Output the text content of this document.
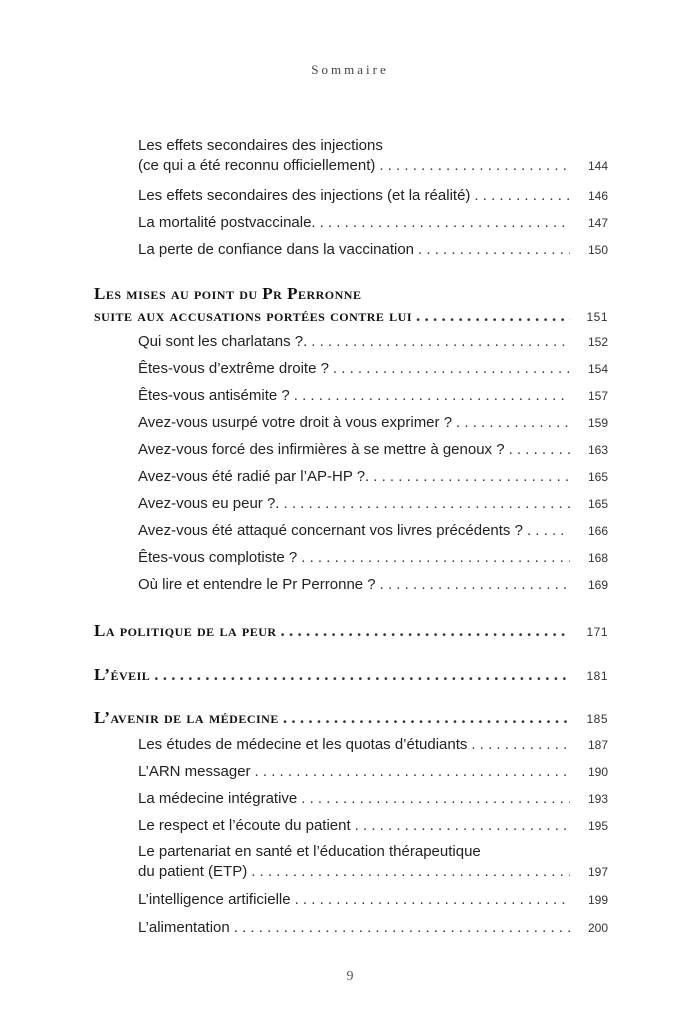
Sommaire
Les effets secondaires des injections
(ce qui a été reconnu officiellement) . . .	144
Les effets secondaires des injections (et la réalité) . . .	146
La mortalité postvaccinale. . . .	147
La perte de confiance dans la vaccination . . .	150
Les mises au point du Pr Perronne
suite aux accusations portées contre lui . . .	151
Qui sont les charlatans ?. . . .	152
Êtes-vous d’extrême droite ? . . .	154
Êtes-vous antisémite ? . . .	157
Avez-vous usurpé votre droit à vous exprimer ? . . .	159
Avez-vous forcé des infirmières à se mettre à genoux ? . . .	163
Avez-vous été radié par l’AP-HP ?. . . .	165
Avez-vous eu peur ?. . . .	165
Avez-vous été attaqué concernant vos livres précédents ? . . .	166
Êtes-vous complotiste ? . . .	168
Où lire et entendre le Pr Perronne ? . . .	169
La politique de la peur . . .	171
L’éveil . . .	181
L’avenir de la médecine . . .	185
Les études de médecine et les quotas d’étudiants . . .	187
L’ARN messager . . .	190
La médecine intégrative . . .	193
Le respect et l’écoute du patient . . .	195
Le partenariat en santé et l’éducation thérapeutique
du patient (ETP) . . .	197
L’intelligence artificielle . . .	199
L’alimentation . . .	200
9
